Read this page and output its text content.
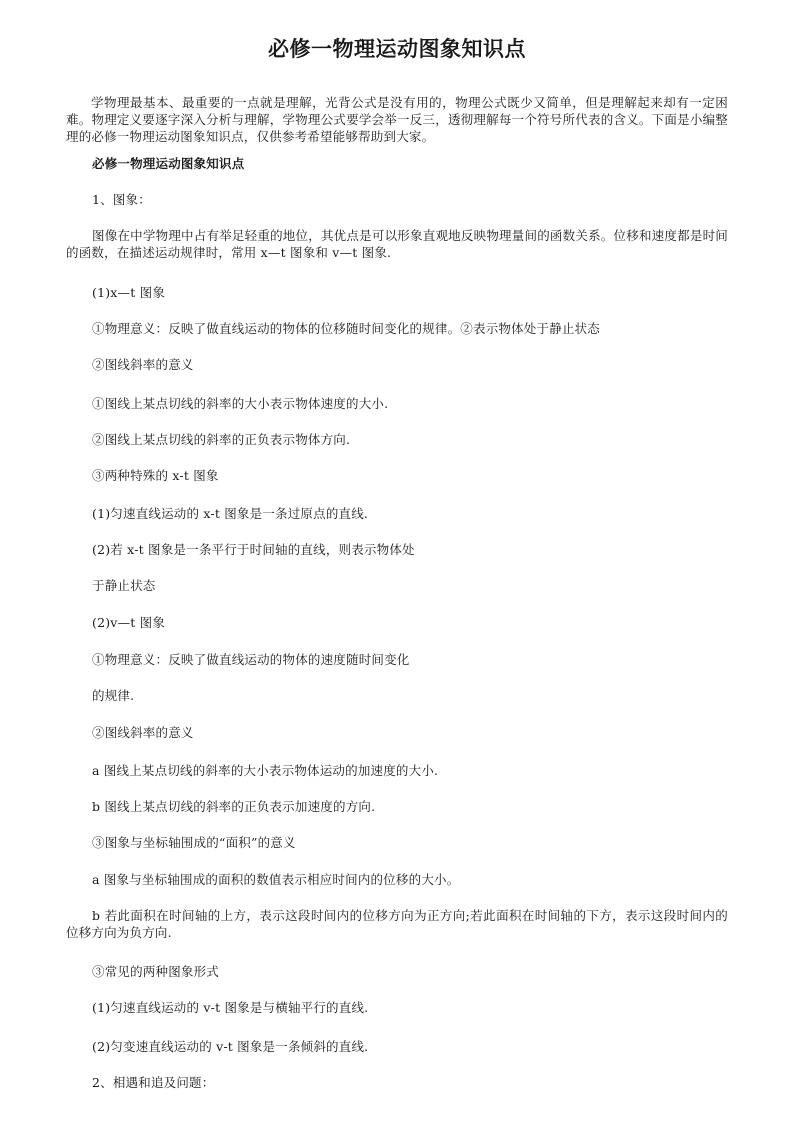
必修一物理运动图象知识点

学物理最基本、最重要的一点就是理解，光背公式是没有用的，物理公式既少又简单，但是理解起来却有一定困难。物理定义要逐字深入分析与理解，学物理公式要学会举一反三，透彻理解每一个符号所代表的含义。下面是小编整理的必修一物理运动图象知识点，仅供参考希望能够帮助到大家。

必修一物理运动图象知识点
1、图象：

图像在中学物理中占有举足轻重的地位，其优点是可以形象直观地反映物理量间的函数关系。位移和速度都是时间的函数，在描述运动规律时，常用 x—t 图象和 v—t 图象.

(1)x—t 图象
①物理意义：反映了做直线运动的物体的位移随时间变化的规律。②表示物体处于静止状态
②图线斜率的意义
①图线上某点切线的斜率的大小表示物体速度的大小.
②图线上某点切线的斜率的正负表示物体方向.
③两种特殊的 x-t 图象
(1)匀速直线运动的 x-t 图象是一条过原点的直线.
(2)若 x-t 图象是一条平行于时间轴的直线，则表示物体处
于静止状态
(2)v—t 图象
①物理意义：反映了做直线运动的物体的速度随时间变化
的规律.
②图线斜率的意义
a 图线上某点切线的斜率的大小表示物体运动的加速度的大小.
b 图线上某点切线的斜率的正负表示加速度的方向.
③图象与坐标轴围成的“面积”的意义
a 图象与坐标轴围成的面积的数值表示相应时间内的位移的大小。

b 若此面积在时间轴的上方，表示这段时间内的位移方向为正方向;若此面积在时间轴的下方，表示这段时间内的位移方向为负方向.

③常见的两种图象形式
(1)匀速直线运动的 v-t 图象是与横轴平行的直线.
(2)匀变速直线运动的 v-t 图象是一条倾斜的直线.
2、相遇和追及问题：
